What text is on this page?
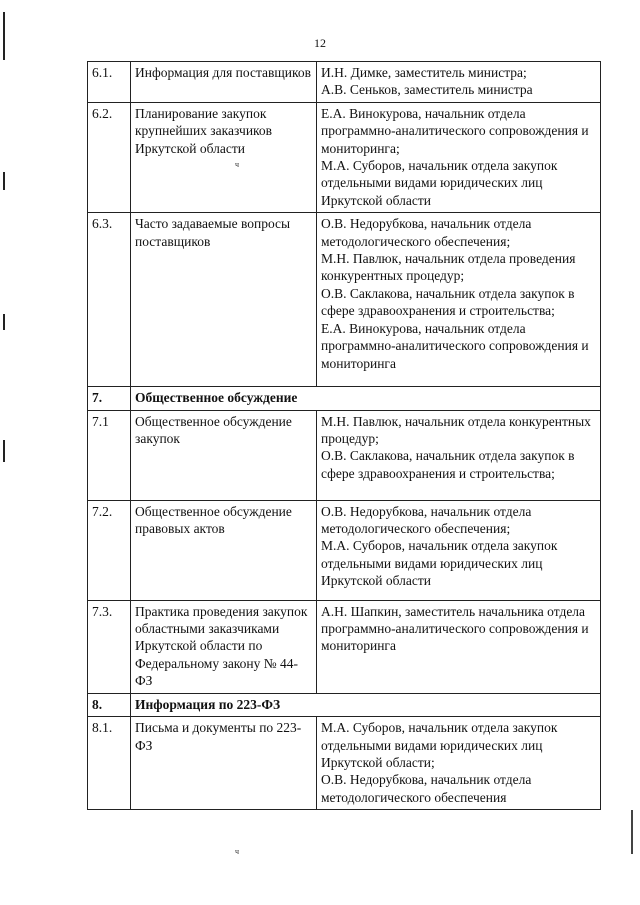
12
ч
ч
6.1.	Информация для поставщиков	И.Н. Димке, заместитель министра;
А.В. Сеньков, заместитель министра

6.2.	Планирование закупок крупнейших заказчиков Иркутской области	Е.А. Винокурова, начальник отдела программно-аналитического сопровождения и мониторинга;
М.А. Суборов, начальник отдела закупок отдельными видами юридических лиц Иркутской области

6.3.	Часто задаваемые вопросы поставщиков	О.В. Недорубкова, начальник отдела методологического обеспечения;
М.Н. Павлюк, начальник отдела проведения конкурентных процедур;
О.В. Саклакова, начальник отдела закупок в сфере здравоохранения и строительства;
Е.А. Винокурова, начальник отдела программно-аналитического сопровождения и мониторинга

7.	Общественное обсуждение	
7.1	Общественное обсуждение закупок	М.Н. Павлюк, начальник отдела конкурентных процедур;
О.В. Саклакова, начальник отдела закупок в сфере здравоохранения и строительства;

7.2.	Общественное обсуждение правовых актов	О.В. Недорубкова, начальник отдела методологического обеспечения;
М.А. Суборов, начальник отдела закупок отдельными видами юридических лиц Иркутской области

7.3.	Практика проведения закупок областными заказчиками Иркутской области по Федеральному закону № 44-ФЗ	А.Н. Шапкин, заместитель начальника отдела программно-аналитического сопровождения и мониторинга

8.	Информация по 223-ФЗ	
8.1.	Письма и документы по 223-ФЗ	М.А. Суборов, начальник отдела закупок отдельными видами юридических лиц Иркутской области;
О.В. Недорубкова, начальник отдела методологического обеспечения
